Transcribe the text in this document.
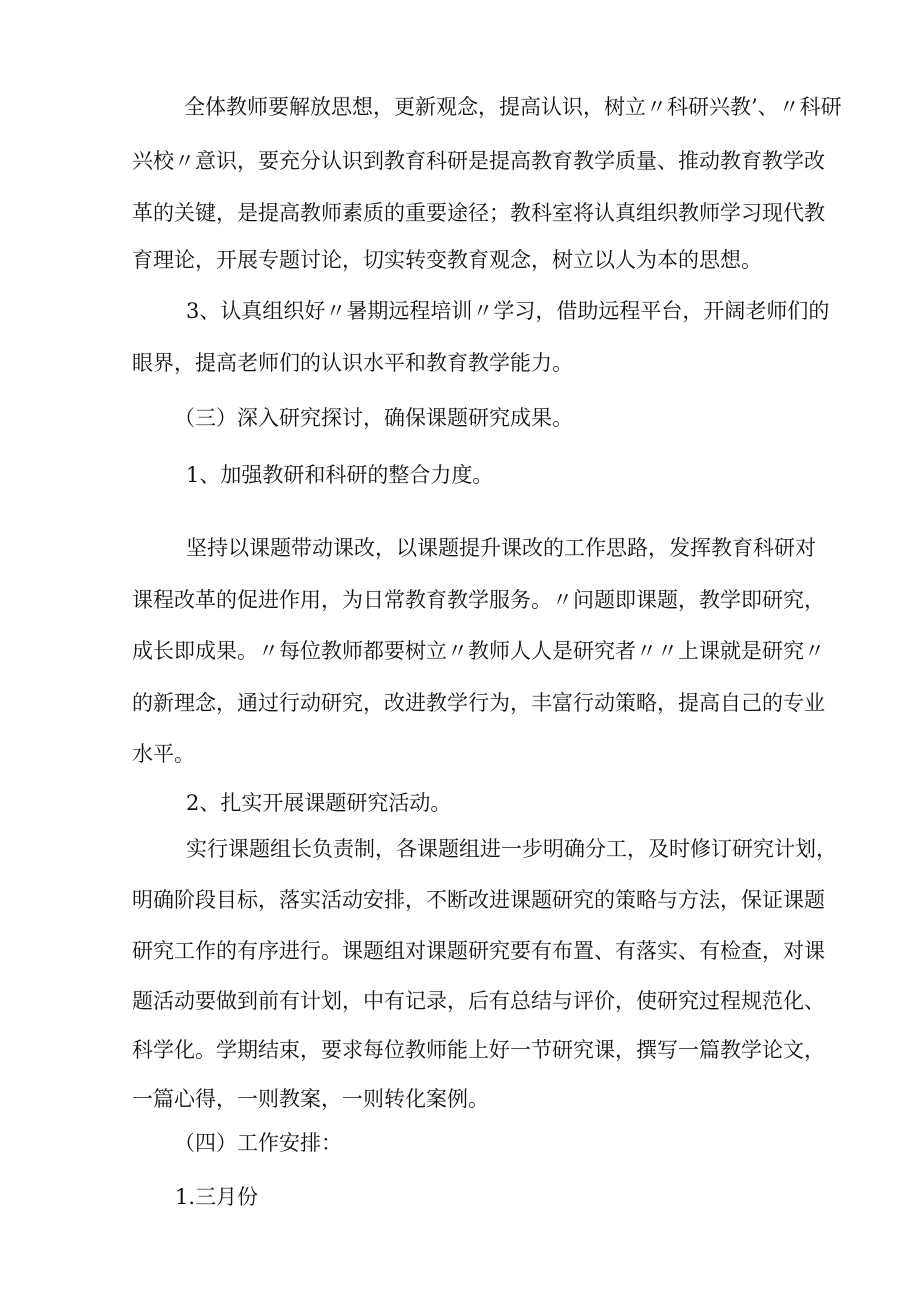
全体教师要解放思想，更新观念，提高认识，树立〃科研兴教’、〃科研
兴校〃意识，要充分认识到教育科研是提高教育教学质量、推动教育教学改
革的关键，是提高教师素质的重要途径；教科室将认真组织教师学习现代教
育理论，开展专题讨论，切实转变教育观念，树立以人为本的思想。
3、认真组织好〃暑期远程培训〃学习，借助远程平台，开阔老师们的
眼界，提高老师们的认识水平和教育教学能力。
（三）深入研究探讨，确保课题研究成果。
1、加强教研和科研的整合力度。
坚持以课题带动课改，以课题提升课改的工作思路，发挥教育科研对
课程改革的促进作用，为日常教育教学服务。〃问题即课题，教学即研究，
成长即成果。〃每位教师都要树立〃教师人人是研究者〃〃上课就是研究〃
的新理念，通过行动研究，改进教学行为，丰富行动策略，提高自己的专业
水平。
2、扎实开展课题研究活动。
实行课题组长负责制，各课题组进一步明确分工，及时修订研究计划，
明确阶段目标，落实活动安排，不断改进课题研究的策略与方法，保证课题
研究工作的有序进行。课题组对课题研究要有布置、有落实、有检查，对课
题活动要做到前有计划，中有记录，后有总结与评价，使研究过程规范化、
科学化。学期结束，要求每位教师能上好一节研究课，撰写一篇教学论文，
一篇心得，一则教案，一则转化案例。
（四）工作安排：
1.三月份
